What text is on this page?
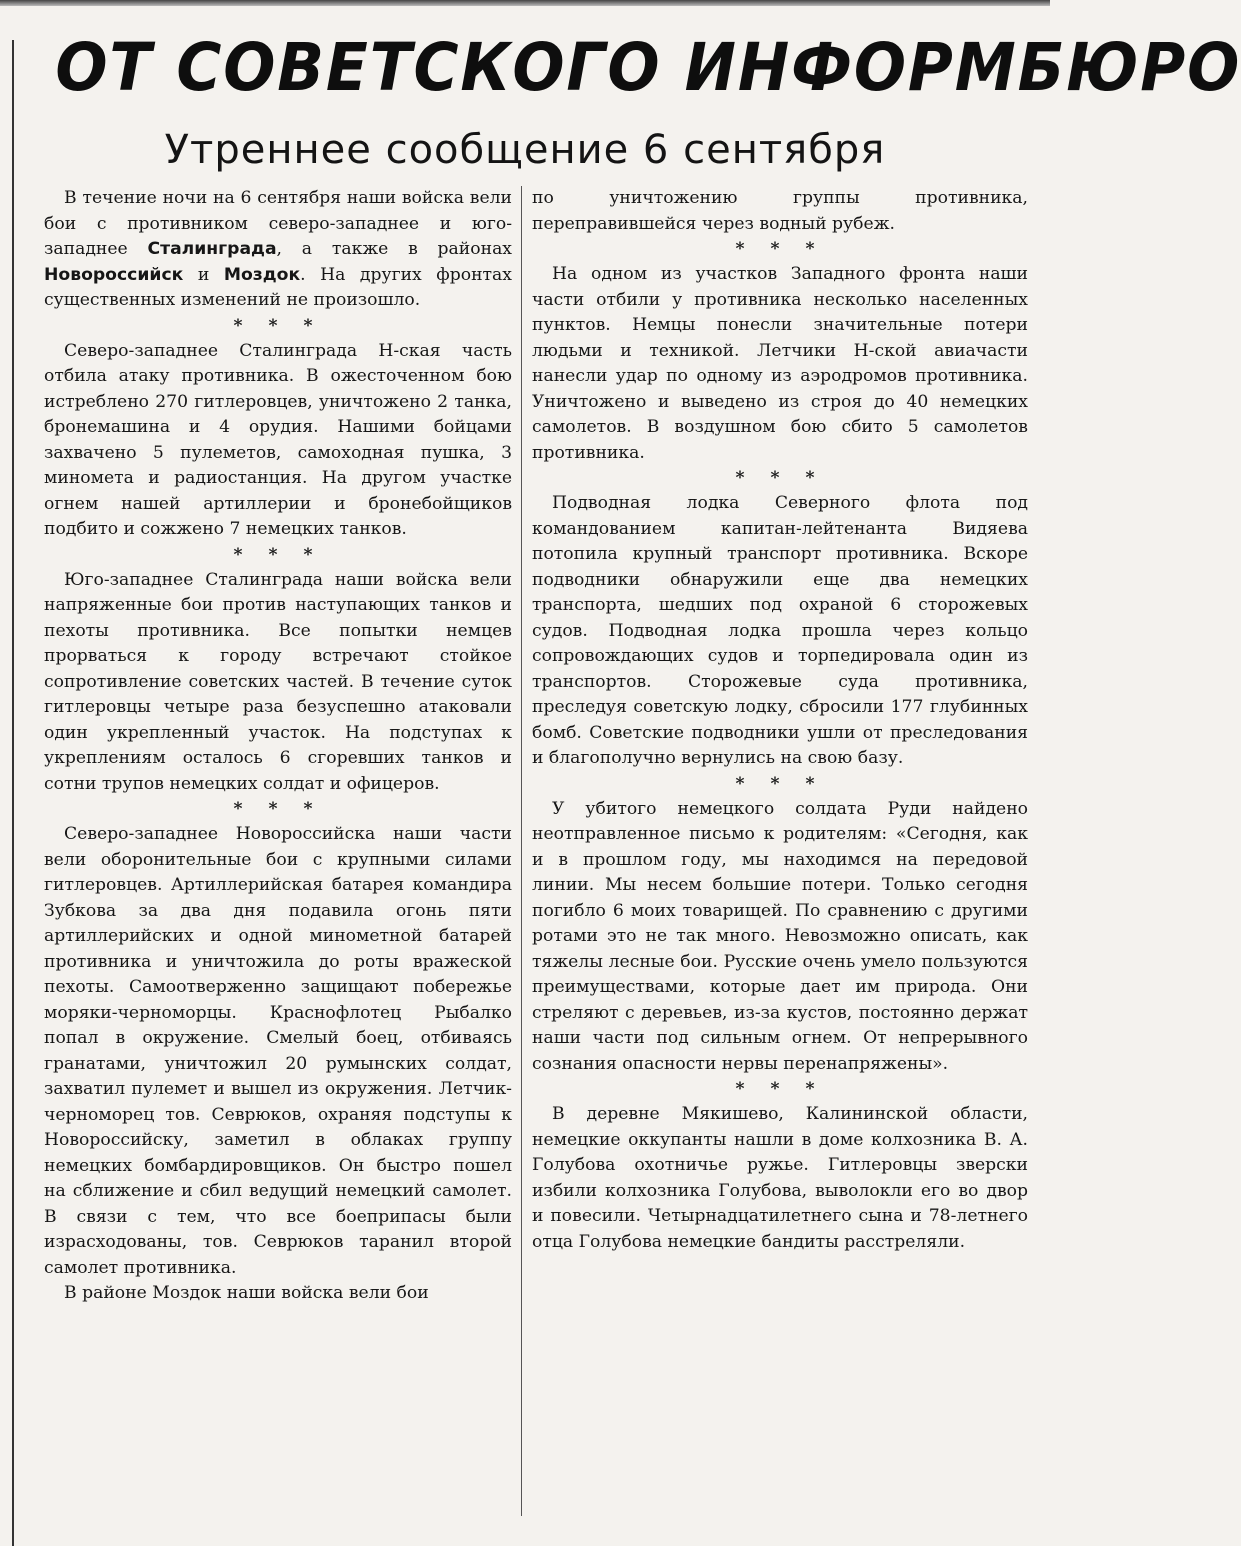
ОТ СОВЕТСКОГО ИНФОРМБЮРО
Утреннее сообщение 6 сентября

В течение ночи на 6 сентября наши войска вели бои с противником северо-западнее и юго-западнее Сталинграда, а также в районах Новороссийск и Моздок. На других фронтах существенных изменений не произошло.

* * *

Северо-западнее Сталинграда Н-ская часть отбила атаку противника. В ожесточенном бою истреблено 270 гитлеровцев, уничтожено 2 танка, бронемашина и 4 орудия. Нашими бойцами захвачено 5 пулеметов, самоходная пушка, 3 миномета и радиостанция. На другом участке огнем нашей артиллерии и бронебойщиков подбито и сожжено 7 немецких танков.

* * *

Юго-западнее Сталинграда наши войска вели напряженные бои против наступающих танков и пехоты противника. Все попытки немцев прорваться к городу встречают стойкое сопротивление советских частей. В течение суток гитлеровцы четыре раза безуспешно атаковали один укрепленный участок. На подступах к укреплениям осталось 6 сгоревших танков и сотни трупов немецких солдат и офицеров.

* * *

Северо-западнее Новороссийска наши части вели оборонительные бои с крупными силами гитлеровцев. Артиллерийская батарея командира Зубкова за два дня подавила огонь пяти артиллерийских и одной минометной батарей противника и уничтожила до роты вражеской пехоты. Самоотверженно защищают побережье моряки-черноморцы. Краснофлотец Рыбалко попал в окружение. Смелый боец, отбиваясь гранатами, уничтожил 20 румынских солдат, захватил пулемет и вышел из окружения. Летчик-черноморец тов. Севрюков, охраняя подступы к Новороссийску, заметил в облаках группу немецких бомбардировщиков. Он быстро пошел на сближение и сбил ведущий немецкий самолет. В связи с тем, что все боеприпасы были израсходованы, тов. Севрюков таранил второй самолет противника.

В районе Моздок наши войска вели бои

по уничтожению группы противника, переправившейся через водный рубеж.

* * *

На одном из участков Западного фронта наши части отбили у противника несколько населенных пунктов. Немцы понесли значительные потери людьми и техникой. Летчики Н-ской авиачасти нанесли удар по одному из аэродромов противника. Уничтожено и выведено из строя до 40 немецких самолетов. В воздушном бою сбито 5 самолетов противника.

* * *

Подводная лодка Северного флота под командованием капитан-лейтенанта Видяева потопила крупный транспорт противника. Вскоре подводники обнаружили еще два немецких транспорта, шедших под охраной 6 сторожевых судов. Подводная лодка прошла через кольцо сопровождающих судов и торпедировала один из транспортов. Сторожевые суда противника, преследуя советскую лодку, сбросили 177 глубинных бомб. Советские подводники ушли от преследования и благополучно вернулись на свою базу.

* * *

У убитого немецкого солдата Руди найдено неотправленное письмо к родителям: «Сегодня, как и в прошлом году, мы находимся на передовой линии. Мы несем большие потери. Только сегодня погибло 6 моих товарищей. По сравнению с другими ротами это не так много. Невозможно описать, как тяжелы лесные бои. Русские очень умело пользуются преимуществами, которые дает им природа. Они стреляют с деревьев, из-за кустов, постоянно держат наши части под сильным огнем. От непрерывного сознания опасности нервы перенапряжены».

* * *

В деревне Мякишево, Калининской области, немецкие оккупанты нашли в доме колхозника В. А. Голубова охотничье ружье. Гитлеровцы зверски избили колхозника Голубова, выволокли его во двор и повесили. Четырнадцатилетнего сына и 78-летнего отца Голубова немецкие бандиты расстреляли.
